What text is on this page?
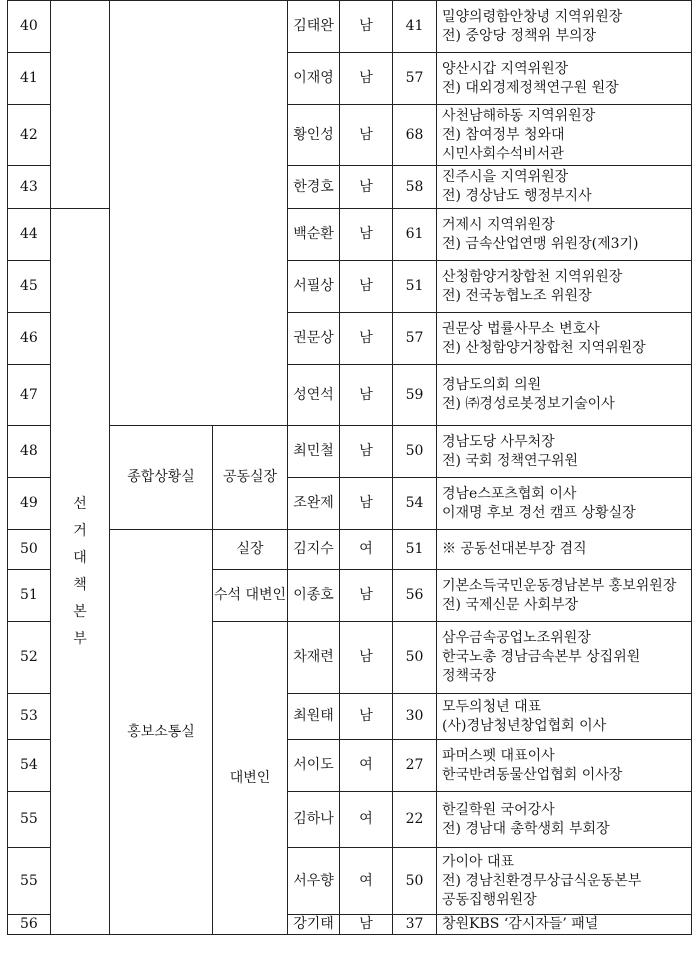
40				김태완	남	41	밀양의령함안창녕 지역위원장
전) 중앙당 정책위 부의장

41				이재영	남	57	양산시갑 지역위원장
전) 대외경제정책연구원 원장

42				황인성	남	68	사천남해하동 지역위원장
전) 참여정부 청와대
시민사회수석비서관

43				한경호	남	58	진주시을 지역위원장
전) 경상남도 행정부지사

44	선거대책본부			백순환	남	61	거제시 지역위원장
전) 금속산업연맹 위원장(제3기)

45				서필상	남	51	산청함양거창합천 지역위원장
전) 전국농협노조 위원장

46				권문상	남	57	권문상 법률사무소 변호사
전) 산청함양거창합천 지역위원장

47				성연석	남	59	경남도의회 의원
전) ㈜경성로봇정보기술이사

48		종합상황실	공동실장	최민철	남	50	경남도당 사무처장
전) 국회 정책연구위원

49				조완제	남	54	경남e스포츠협회 이사
이재명 후보 경선 캠프 상황실장

50		홍보소통실	실장	김지수	여	51	※ 공동선대본부장 겸직

51			수석 대변인	이종호	남	56	기본소득국민운동경남본부 홍보위원장
전) 국제신문 사회부장

52			대변인	차재련	남	50	삼우금속공업노조위원장
한국노총 경남금속본부 상집위원
정책국장

53				최원태	남	30	모두의청년 대표
(사)경남청년창업협회 이사

54				서이도	여	27	파머스펫 대표이사
한국반려동물산업협회 이사장

55				김하나	여	22	한길학원 국어강사
전) 경남대 총학생회 부회장

55				서우향	여	50	가이아 대표
전) 경남친환경무상급식운동본부
공동집행위원장

56				강기태	남	37	창원KBS ‘감시자들’ 패널
